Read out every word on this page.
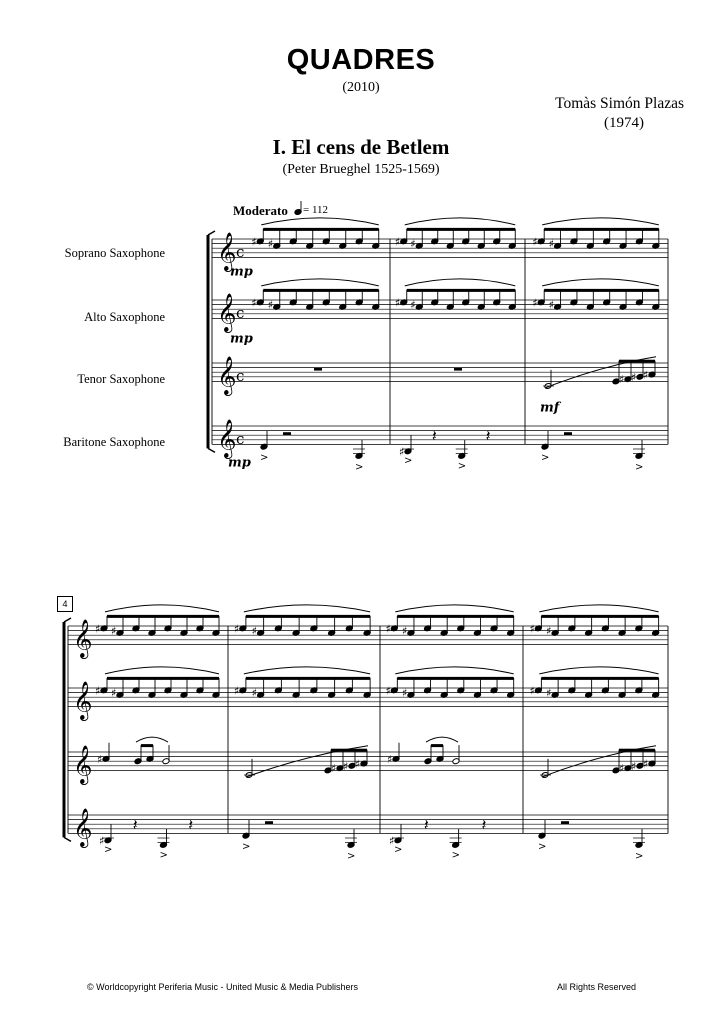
QUADRES
(2010)
Tomàs Simón Plazas
(1974)
I. El cens de Betlem
(Peter Brueghel 1525-1569)
Moderato = 112
Soprano Saxophone
Alto Saxophone
Tenor Saxophone
Baritone Saxophone
4
𝄞
𝄞
𝄞
𝄞
c
c
c
c
♯ ♯
♯ ♯
♯ ♯
♯ ♯
♯ ♯
♯ ♯
♯ ♯ ♯
>
>
♯
>
𝄽
>
𝄽
>
>
mp
mp
mf
mp
𝄞
𝄞
𝄞
𝄞
♯ ♯
♯ ♯
♯ ♯
♯ ♯
♯ ♯
♯ ♯
♯ ♯
♯ ♯
♯
♯ ♯ ♯ ♯
♯ ♯ ♯
♯
>
𝄽
>
𝄽
>
>
♯
>
𝄽
>
𝄽
>
>
© Worldcopyright Periferia Music - United Music & Media Publishers	All Rights Reserved
